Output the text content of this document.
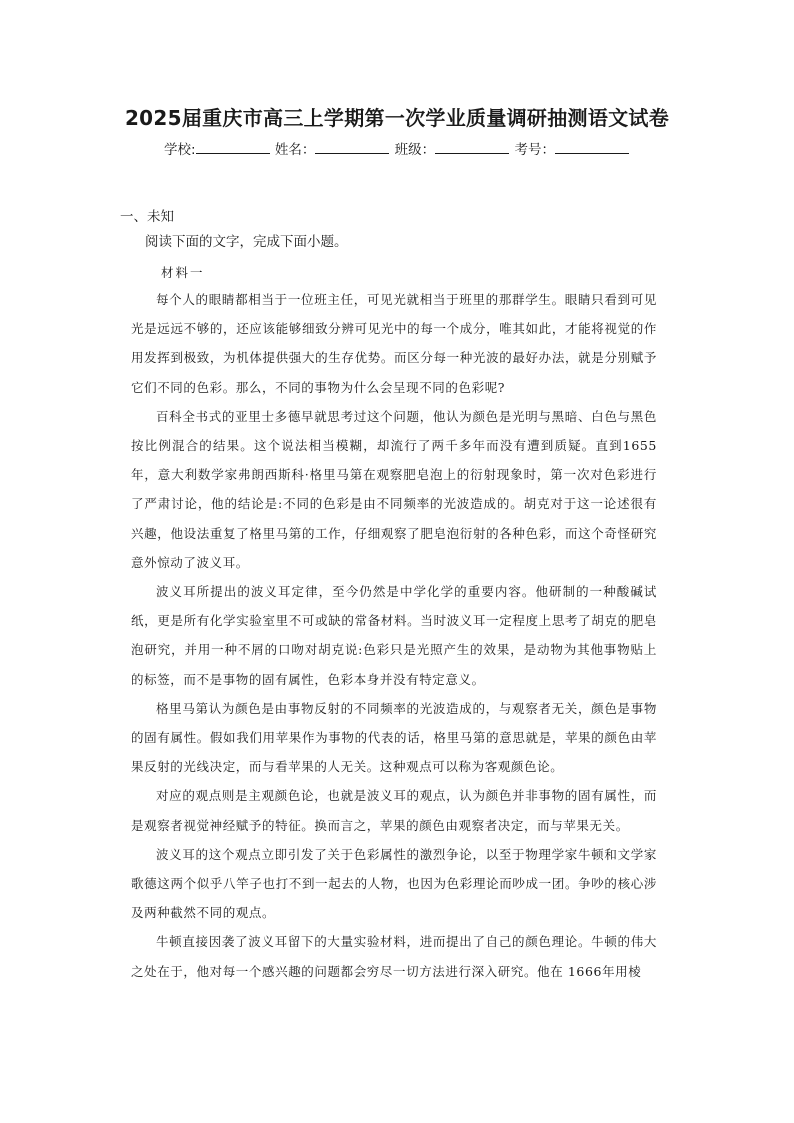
2025届重庆市高三上学期第一次学业质量调研抽测语文试卷
学校:	姓名：	班级：	考号：
一、未知
阅读下面的文字，完成下面小题。
材料一

每个人的眼睛都相当于一位班主任，可见光就相当于班里的那群学生。眼睛只看到可见光是远远不够的，还应该能够细致分辨可见光中的每一个成分，唯其如此，才能将视觉的作用发挥到极致，为机体提供强大的生存优势。而区分每一种光波的最好办法，就是分别赋予它们不同的色彩。那么，不同的事物为什么会呈现不同的色彩呢?

百科全书式的亚里士多德早就思考过这个问题，他认为颜色是光明与黑暗、白色与黑色按比例混合的结果。这个说法相当模糊，却流行了两千多年而没有遭到质疑。直到1655年，意大利数学家弗朗西斯科·格里马第在观察肥皂泡上的衍射现象时，第一次对色彩进行了严肃讨论，他的结论是:不同的色彩是由不同频率的光波造成的。胡克对于这一论述很有兴趣，他设法重复了格里马第的工作，仔细观察了肥皂泡衍射的各种色彩，而这个奇怪研究意外惊动了波义耳。

波义耳所提出的波义耳定律，至今仍然是中学化学的重要内容。他研制的一种酸碱试纸，更是所有化学实验室里不可或缺的常备材料。当时波义耳一定程度上思考了胡克的肥皂泡研究，并用一种不屑的口吻对胡克说:色彩只是光照产生的效果，是动物为其他事物贴上的标签，而不是事物的固有属性，色彩本身并没有特定意义。

格里马第认为颜色是由事物反射的不同频率的光波造成的，与观察者无关，颜色是事物的固有属性。假如我们用苹果作为事物的代表的话，格里马第的意思就是，苹果的颜色由苹果反射的光线决定，而与看苹果的人无关。这种观点可以称为客观颜色论。

对应的观点则是主观颜色论，也就是波义耳的观点，认为颜色并非事物的固有属性，而是观察者视觉神经赋予的特征。换而言之，苹果的颜色由观察者决定，而与苹果无关。

波义耳的这个观点立即引发了关于色彩属性的激烈争论，以至于物理学家牛顿和文学家歌德这两个似乎八竿子也打不到一起去的人物，也因为色彩理论而吵成一团。争吵的核心涉及两种截然不同的观点。

牛顿直接因袭了波义耳留下的大量实验材料，进而提出了自己的颜色理论。牛顿的伟大之处在于，他对每一个感兴趣的问题都会穷尽一切方法进行深入研究。他在 1666年用棱
